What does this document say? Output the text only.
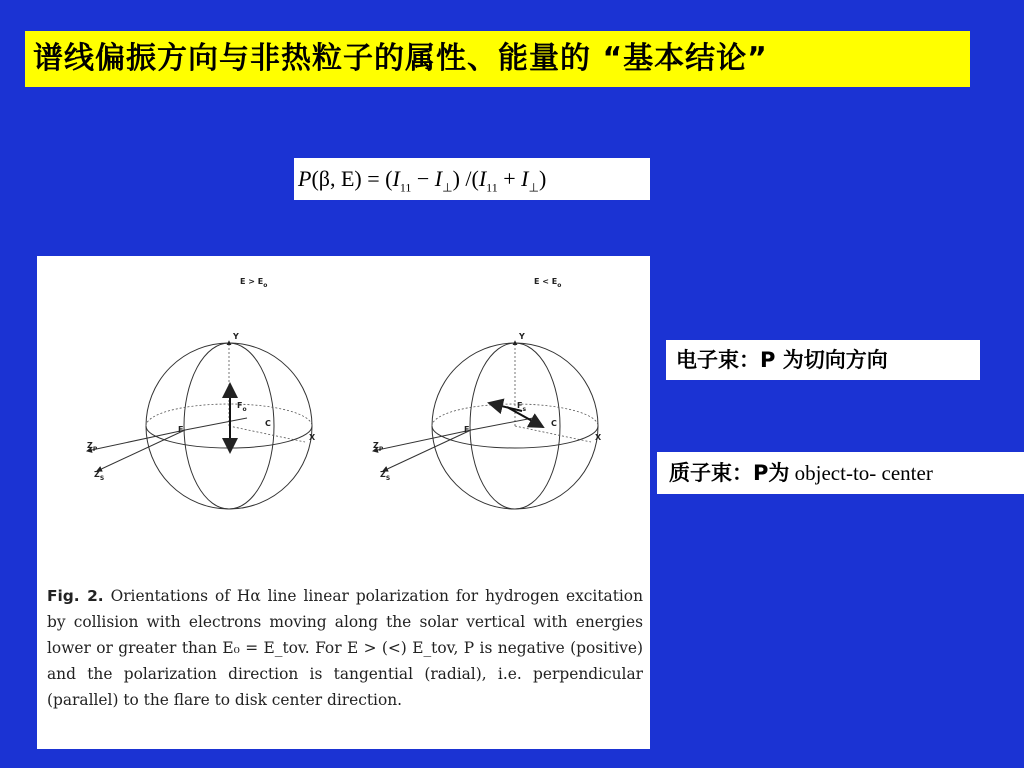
谱线偏振方向与非热粒子的属性、能量的 “基本结论”
P(β, $E) = (I_{11} - I_\perp) /(I_{11} + I_\perp)$
$E > E_o$	$E < E_o$
Y
X
C
F
$F_o$
$Z_P$
$Z_S$
Y
X
C
F
$F_s$
$Z_P$
$Z_S$
Fig. 2. Orientations of Hα line linear polarization for hydrogen excitation by collision with electrons moving along the solar vertical with energies lower or greater than E₀ = E_tov. For E > (<) E_tov, P is negative (positive) and the polarization direction is tangential (radial), i.e. perpendicular (parallel) to the flare to disk center direction.
电子束：P 为切向方向
质子束：P为 object-to- center
